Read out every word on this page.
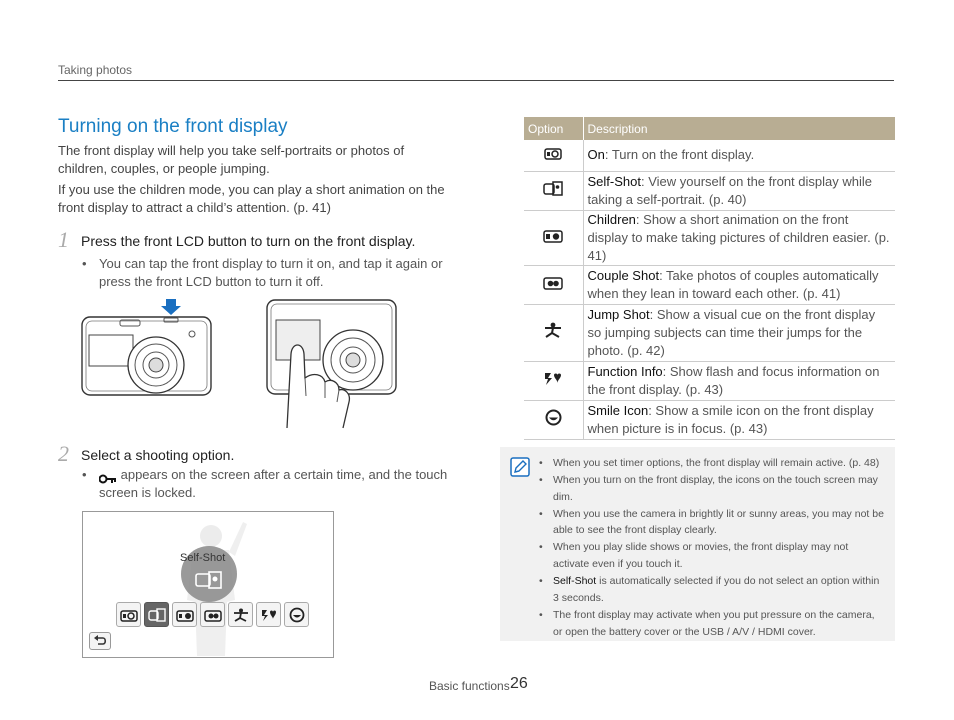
Taking photos
Turning on the front display

The front display will help you take self-portraits or photos of children, couples, or people jumping.

If you use the children mode, you can play a short animation on the front display to attract a child’s attention. (p. 41)

1 Press the front LCD button to turn on the front display.
• You can tap the front display to turn it on, and tap it again or press the front LCD button to turn it off.
2 Select a shooting option.
• appears on the screen after a certain time, and the touch screen is locked.
Self-Shot
Option	Description
	On: Turn on the front display.
	Self-Shot: View yourself on the front display while taking a self-portrait. (p. 40)
	Children: Show a short animation on the front display to make taking pictures of children easier. (p. 41)
	Couple Shot: Take photos of couples automatically when they lean in toward each other. (p. 41)
	Jump Shot: Show a visual cue on the front display so jumping subjects can time their jumps for the photo. (p. 42)
	Function Info: Show flash and focus information on the front display. (p. 43)
	Smile Icon: Show a smile icon on the front display when picture is in focus. (p. 43)
• When you set timer options, the front display will remain active. (p. 48)
• When you turn on the front display, the icons on the touch screen may dim.
• When you use the camera in brightly lit or sunny areas, you may not be able to see the front display clearly.
• When you play slide shows or movies, the front display may not activate even if you touch it.
• Self-Shot is automatically selected if you do not select an option within 3 seconds.
• The front display may activate when you put pressure on the camera, or open the battery cover or the USB / A/V / HDMI cover.
Basic functions 26
